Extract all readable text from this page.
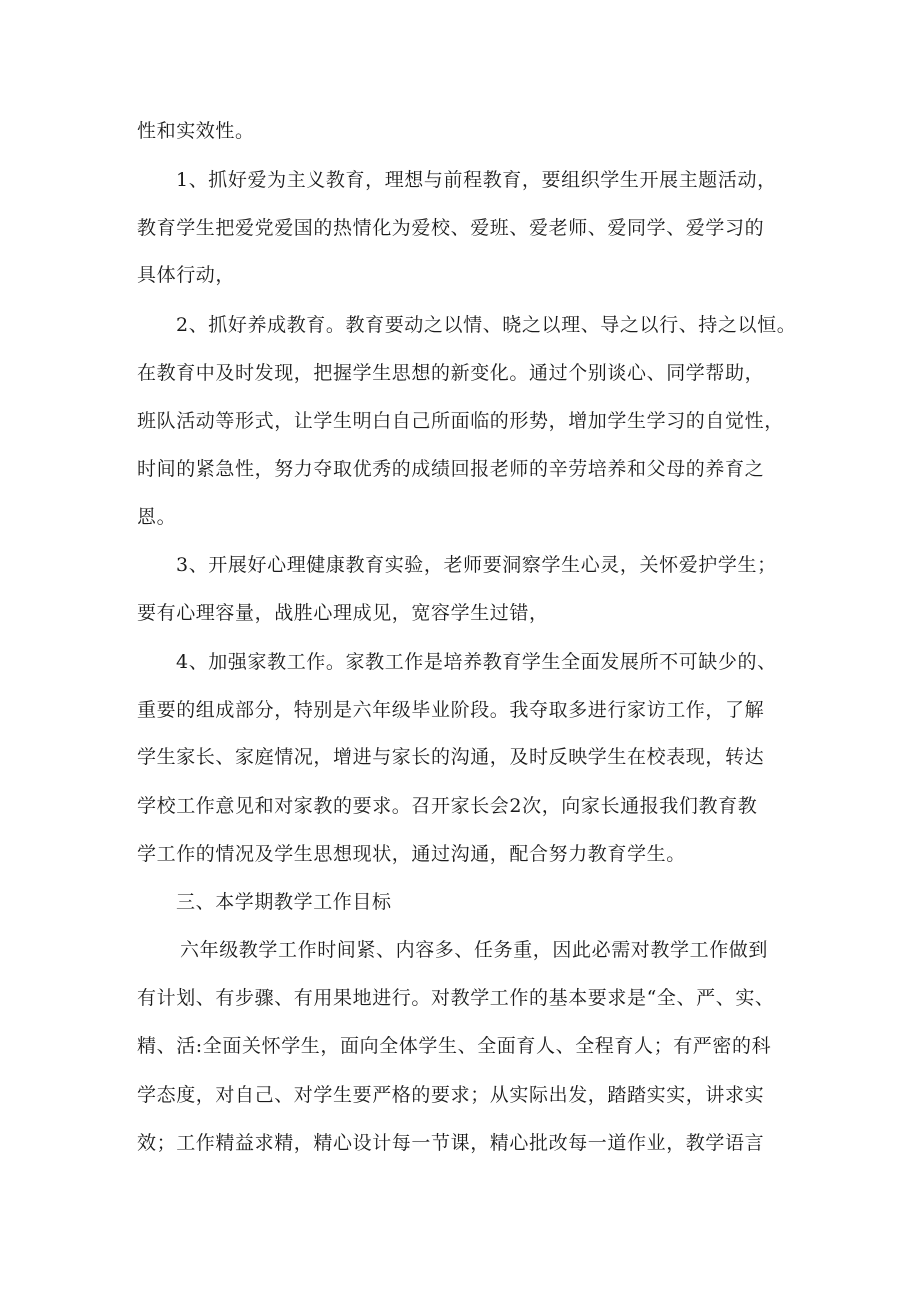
性和实效性。
1、抓好爱为主义教育，理想与前程教育，要组织学生开展主题活动，
教育学生把爱党爱国的热情化为爱校、爱班、爱老师、爱同学、爱学习的
具体行动，
2、抓好养成教育。教育要动之以情、晓之以理、导之以行、持之以恒。
在教育中及时发现，把握学生思想的新变化。通过个别谈心、同学帮助，
班队活动等形式，让学生明白自己所面临的形势，增加学生学习的自觉性，
时间的紧急性，努力夺取优秀的成绩回报老师的辛劳培养和父母的养育之
恩。
3、开展好心理健康教育实验，老师要洞察学生心灵，关怀爱护学生；
要有心理容量，战胜心理成见，宽容学生过错，
4、加强家教工作。家教工作是培养教育学生全面发展所不可缺少的、
重要的组成部分，特别是六年级毕业阶段。我夺取多进行家访工作，了解
学生家长、家庭情况，增进与家长的沟通，及时反映学生在校表现，转达
学校工作意见和对家教的要求。召开家长会2次，向家长通报我们教育教
学工作的情况及学生思想现状，通过沟通，配合努力教育学生。
三、本学期教学工作目标
六年级教学工作时间紧、内容多、任务重，因此必需对教学工作做到
有计划、有步骤、有用果地进行。对教学工作的基本要求是“全、严、实、
精、活:全面关怀学生，面向全体学生、全面育人、全程育人；有严密的科
学态度，对自己、对学生要严格的要求；从实际出发，踏踏实实，讲求实
效；工作精益求精，精心设计每一节课，精心批改每一道作业，教学语言
